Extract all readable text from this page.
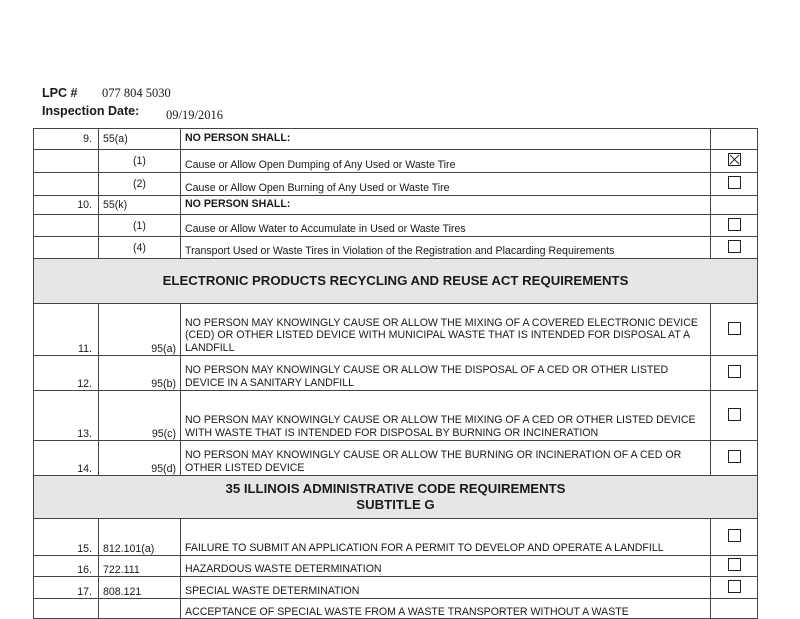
LPC # 077 804 5030
Inspection Date: 09/19/2016
9.	55(a)	NO PERSON SHALL:	
	(1)	Cause or Allow Open Dumping of Any Used or Waste Tire	
	(2)	Cause or Allow Open Burning of Any Used or Waste Tire	
10.	55(k)	NO PERSON SHALL:	
	(1)	Cause or Allow Water to Accumulate in Used or Waste Tires	
	(4)	Transport Used or Waste Tires in Violation of the Registration and Placarding Requirements	
ELECTRONIC PRODUCTS RECYCLING AND REUSE ACT REQUIREMENTS			
11.	95(a)	NO PERSON MAY KNOWINGLY CAUSE OR ALLOW THE MIXING OF A COVERED ELECTRONIC DEVICE (CED) OR OTHER LISTED DEVICE WITH MUNICIPAL WASTE THAT IS INTENDED FOR DISPOSAL AT A LANDFILL	
12.	95(b)	NO PERSON MAY KNOWINGLY CAUSE OR ALLOW THE DISPOSAL OF A CED OR OTHER LISTED DEVICE IN A SANITARY LANDFILL	
13.	95(c)	NO PERSON MAY KNOWINGLY CAUSE OR ALLOW THE MIXING OF A CED OR OTHER LISTED DEVICE WITH WASTE THAT IS INTENDED FOR DISPOSAL BY BURNING OR INCINERATION	
14.	95(d)	NO PERSON MAY KNOWINGLY CAUSE OR ALLOW THE BURNING OR INCINERATION OF A CED OR OTHER LISTED DEVICE	

35 ILLINOIS ADMINISTRATIVE CODE REQUIREMENTS
SUBTITLE G			

15.	812.101(a)	FAILURE TO SUBMIT AN APPLICATION FOR A PERMIT TO DEVELOP AND OPERATE A LANDFILL	
16.	722.111	HAZARDOUS WASTE DETERMINATION	
17.	808.121	SPECIAL WASTE DETERMINATION	
		ACCEPTANCE OF SPECIAL WASTE FROM A WASTE TRANSPORTER WITHOUT A WASTE	
